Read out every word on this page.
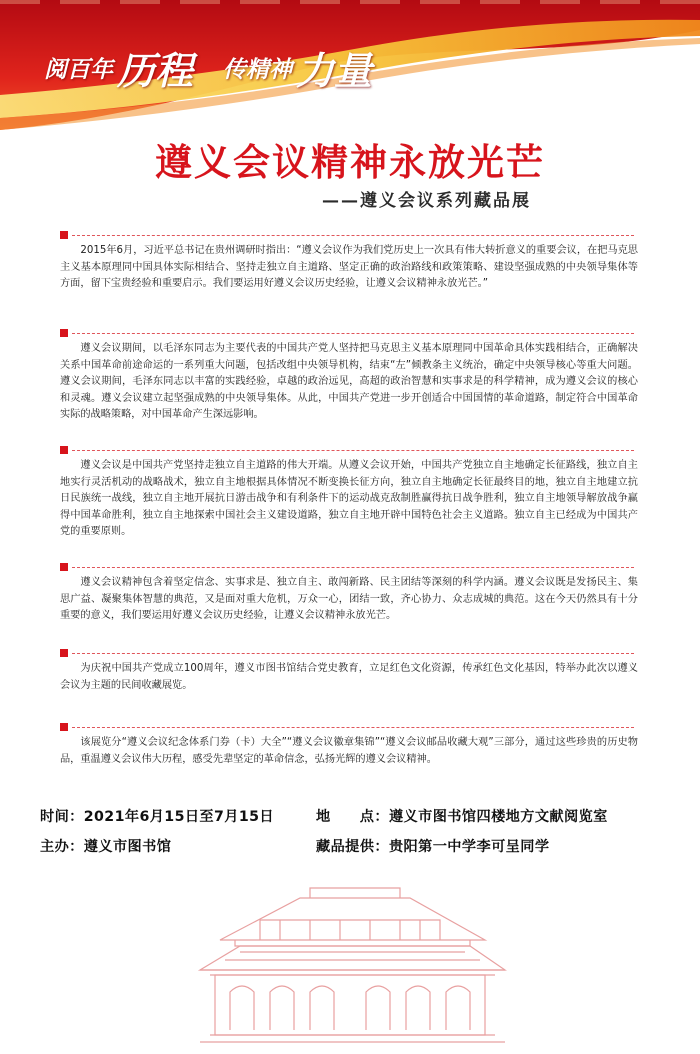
阅百年 历程 传精神 力量
遵义会议精神永放光芒
——遵义会议系列藏品展

2015年6月，习近平总书记在贵州调研时指出：“遵义会议作为我们党历史上一次具有伟大转折意义的重要会议，在把马克思主义基本原理同中国具体实际相结合、坚持走独立自主道路、坚定正确的政治路线和政策策略、建设坚强成熟的中央领导集体等方面，留下宝贵经验和重要启示。我们要运用好遵义会议历史经验，让遵义会议精神永放光芒。”

遵义会议期间，以毛泽东同志为主要代表的中国共产党人坚持把马克思主义基本原理同中国革命具体实践相结合，正确解决关系中国革命前途命运的一系列重大问题，包括改组中央领导机构，结束“左”倾教条主义统治，确定中央领导核心等重大问题。遵义会议期间，毛泽东同志以丰富的实践经验，卓越的政治远见，高超的政治智慧和实事求是的科学精神，成为遵义会议的核心和灵魂。遵义会议建立起坚强成熟的中央领导集体。从此，中国共产党进一步开创适合中国国情的革命道路，制定符合中国革命实际的战略策略，对中国革命产生深远影响。

遵义会议是中国共产党坚持走独立自主道路的伟大开端。从遵义会议开始，中国共产党独立自主地确定长征路线，独立自主地实行灵活机动的战略战术，独立自主地根据具体情况不断变换长征方向，独立自主地确定长征最终目的地，独立自主地建立抗日民族统一战线，独立自主地开展抗日游击战争和有利条件下的运动战克敌制胜赢得抗日战争胜利，独立自主地领导解放战争赢得中国革命胜利，独立自主地探索中国社会主义建设道路，独立自主地开辟中国特色社会主义道路。独立自主已经成为中国共产党的重要原则。

遵义会议精神包含着坚定信念、实事求是、独立自主、敢闯新路、民主团结等深刻的科学内涵。遵义会议既是发扬民主、集思广益、凝聚集体智慧的典范，又是面对重大危机，万众一心，团结一致，齐心协力、众志成城的典范。这在今天仍然具有十分重要的意义，我们要运用好遵义会议历史经验，让遵义会议精神永放光芒。

为庆祝中国共产党成立100周年，遵义市图书馆结合党史教育，立足红色文化资源，传承红色文化基因，特举办此次以遵义会议为主题的民间收藏展览。

该展览分“遵义会议纪念体系门券（卡）大全”“遵义会议徽章集锦”“遵义会议邮品收藏大观”三部分，通过这些珍贵的历史物品，重温遵义会议伟大历程，感受先辈坚定的革命信念，弘扬光辉的遵义会议精神。

时间：2021年6月15日至7月15日	地　　点：遵义市图书馆四楼地方文献阅览室
主办：遵义市图书馆	藏品提供：贵阳第一中学李可呈同学
